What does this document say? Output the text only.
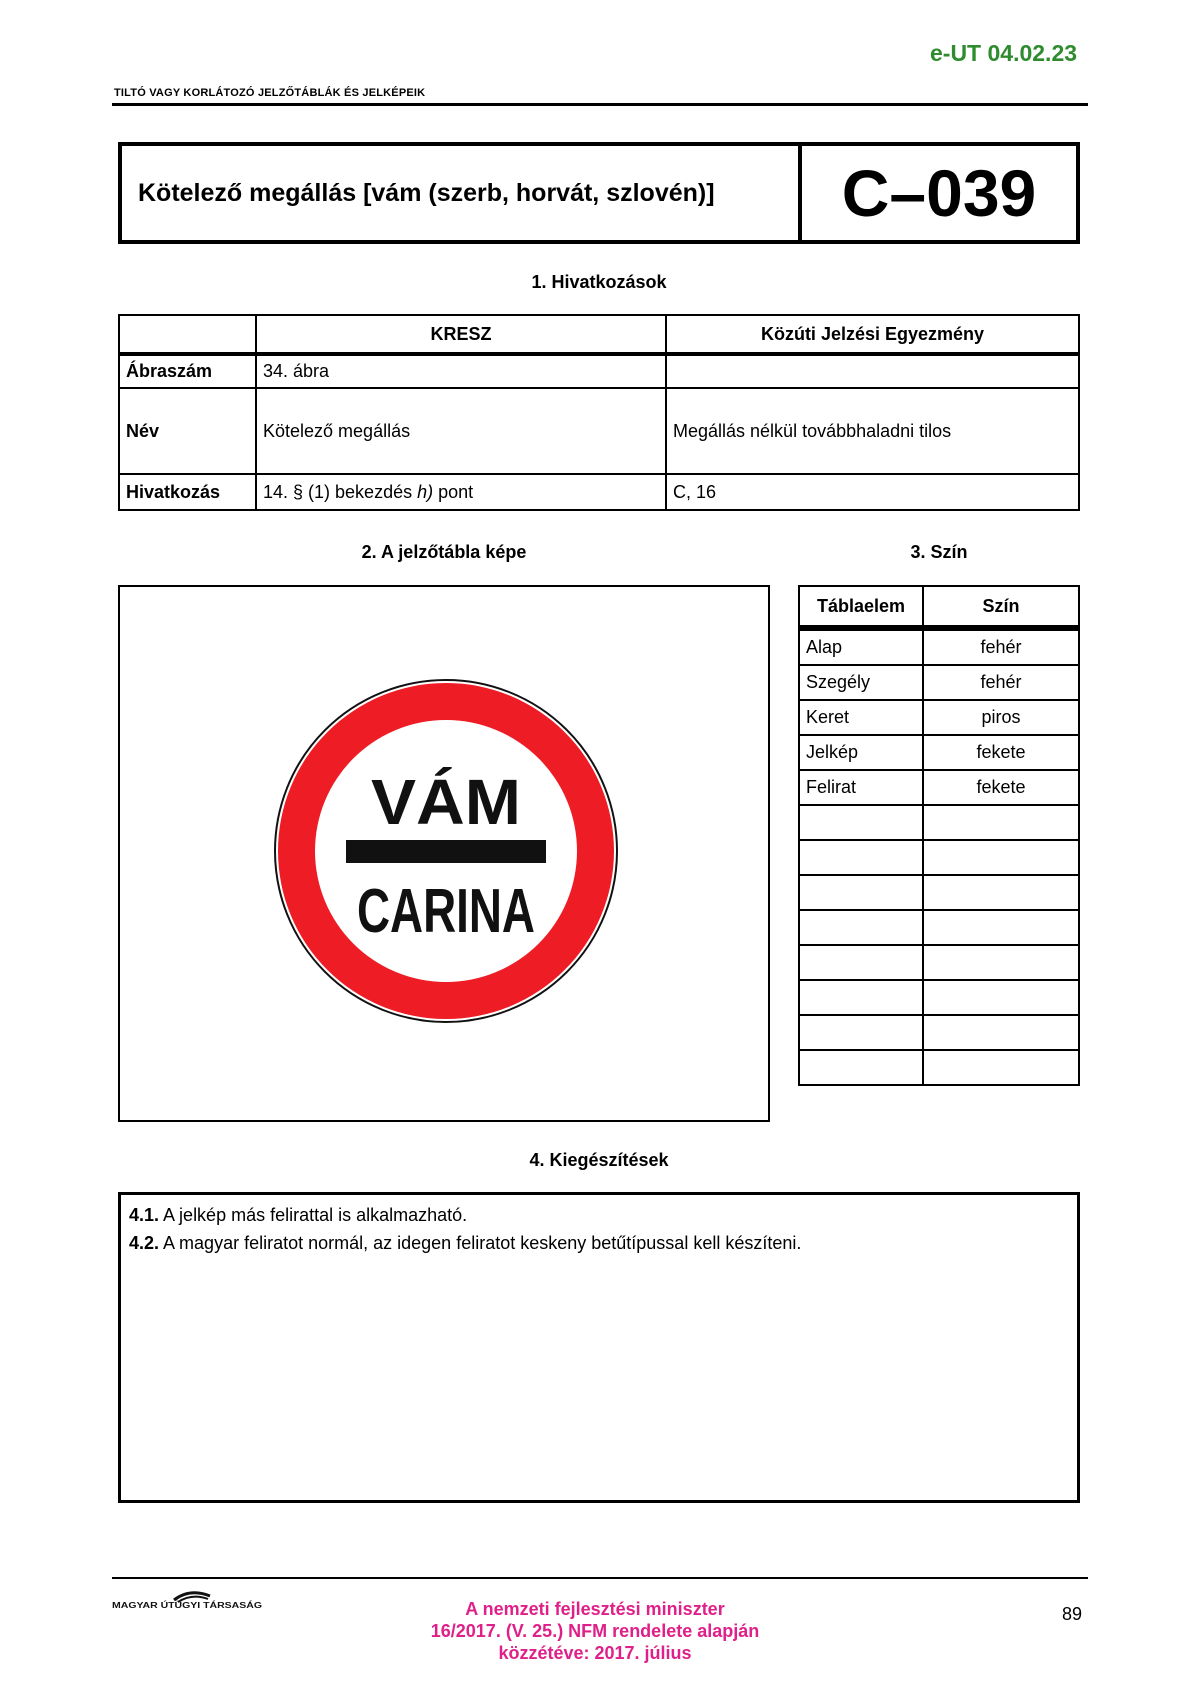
e-UT 04.02.23
TILTÓ VAGY KORLÁTOZÓ JELZŐTÁBLÁK ÉS JELKÉPEIK
Kötelező megállás [vám (szerb, horvát, szlovén)]	C–039
1. Hivatkozások
	KRESZ	Közúti Jelzési Egyezmény
Ábraszám	34. ábra	
Név	Kötelező megállás	Megállás nélkül továbbhaladni tilos
Hivatkozás	14. § (1) bekezdés h) pont	C, 16
2. A jelzőtábla képe
VÁM
CARINA
3. Szín
Táblaelem	Szín
Alap	fehér
Szegély	fehér
Keret	piros
Jelkép	fekete
Felirat	fekete

4. Kiegészítések
4.1. A jelkép más felirattal is alkalmazható.
4.2. A magyar feliratot normál, az idegen feliratot keskeny betűtípussal kell készíteni.
MAGYAR ÚTÜGYI TÁRSASÁG	A nemzeti fejlesztési miniszter
16/2017. (V. 25.) NFM rendelete alapján
közzétéve: 2017. július
89
